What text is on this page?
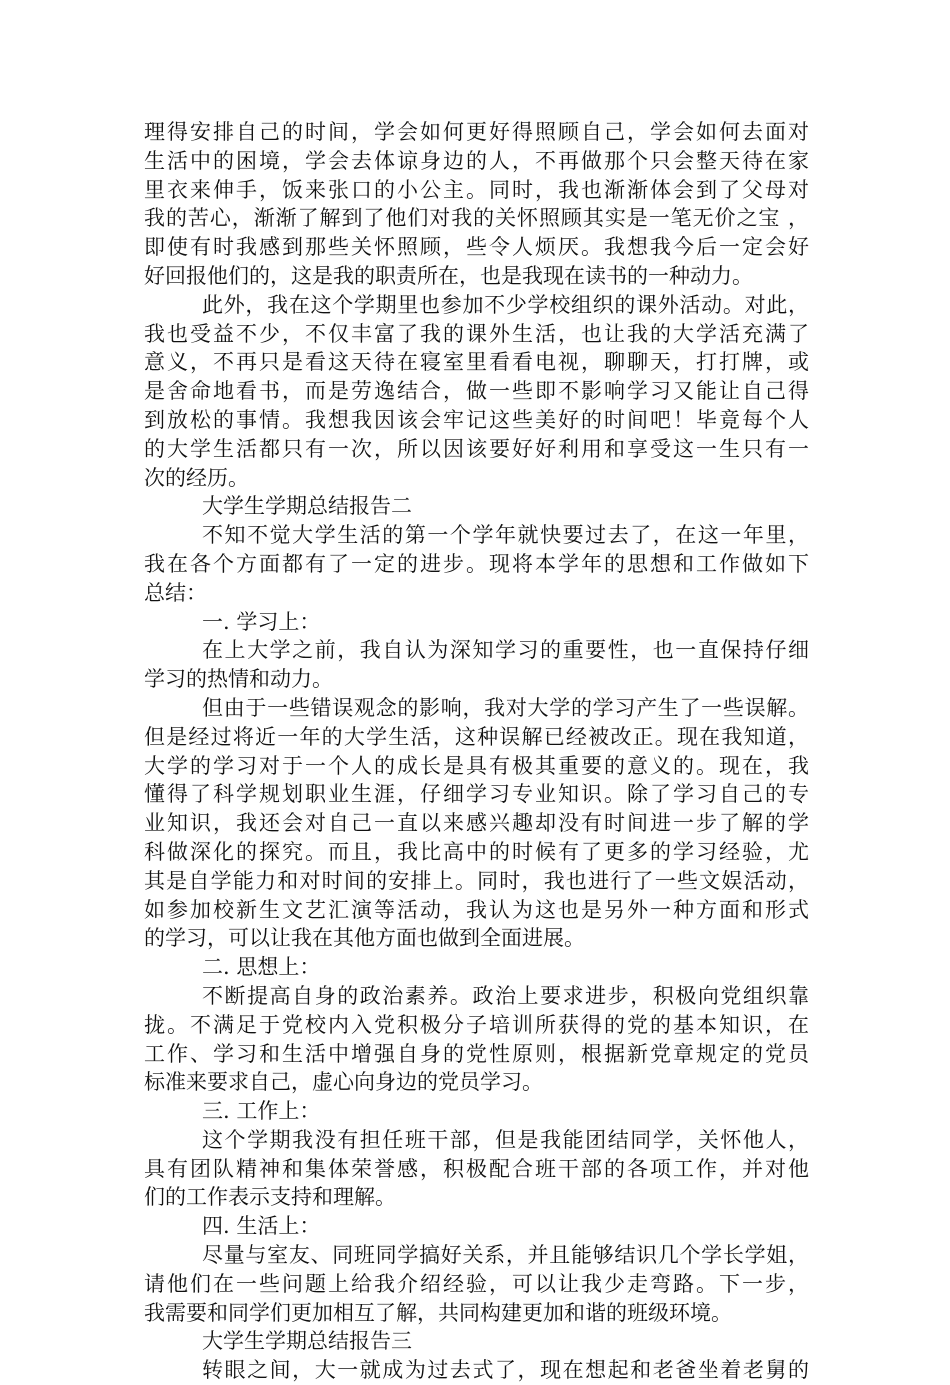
理得安排自己的时间，学会如何更好得照顾自己，学会如何去面对
生活中的困境，学会去体谅身边的人，不再做那个只会整天待在家
里衣来伸手，饭来张口的小公主。同时，我也渐渐体会到了父母对
我的苦心，渐渐了解到了他们对我的关怀照顾其实是一笔无价之宝 ，
即使有时我感到那些关怀照顾，些令人烦厌。我想我今后一定会好
好回报他们的，这是我的职责所在，也是我现在读书的一种动力。
此外，我在这个学期里也参加不少学校组织的课外活动。对此，
我也受益不少，不仅丰富了我的课外生活，也让我的大学活充满了
意义，不再只是看这天待在寝室里看看电视，聊聊天，打打牌，或
是舍命地看书，而是劳逸结合，做一些即不影响学习又能让自己得
到放松的事情。我想我因该会牢记这些美好的时间吧！毕竟每个人
的大学生活都只有一次，所以因该要好好利用和享受这一生只有一
次的经历。
大学生学期总结报告二
不知不觉大学生活的第一个学年就快要过去了，在这一年里，
我在各个方面都有了一定的进步。现将本学年的思想和工作做如下
总结：
一. 学习上：
在上大学之前，我自认为深知学习的重要性，也一直保持仔细
学习的热情和动力。
但由于一些错误观念的影响，我对大学的学习产生了一些误解。
但是经过将近一年的大学生活，这种误解已经被改正。现在我知道，
大学的学习对于一个人的成长是具有极其重要的意义的。现在，我
懂得了科学规划职业生涯，仔细学习专业知识。除了学习自己的专
业知识，我还会对自己一直以来感兴趣却没有时间进一步了解的学
科做深化的探究。而且，我比高中的时候有了更多的学习经验，尤
其是自学能力和对时间的安排上。同时，我也进行了一些文娱活动，
如参加校新生文艺汇演等活动，我认为这也是另外一种方面和形式
的学习，可以让我在其他方面也做到全面进展。
二. 思想上：
不断提高自身的政治素养。政治上要求进步，积极向党组织靠
拢。不满足于党校内入党积极分子培训所获得的党的基本知识，在
工作、学习和生活中增强自身的党性原则，根据新党章规定的党员
标准来要求自己，虚心向身边的党员学习。
三. 工作上：
这个学期我没有担任班干部，但是我能团结同学，关怀他人，
具有团队精神和集体荣誉感，积极配合班干部的各项工作，并对他
们的工作表示支持和理解。
四. 生活上：
尽量与室友、同班同学搞好关系，并且能够结识几个学长学姐，
请他们在一些问题上给我介绍经验，可以让我少走弯路。下一步，
我需要和同学们更加相互了解，共同构建更加和谐的班级环境。
大学生学期总结报告三
转眼之间，大一就成为过去式了，现在想起和老爸坐着老舅的
